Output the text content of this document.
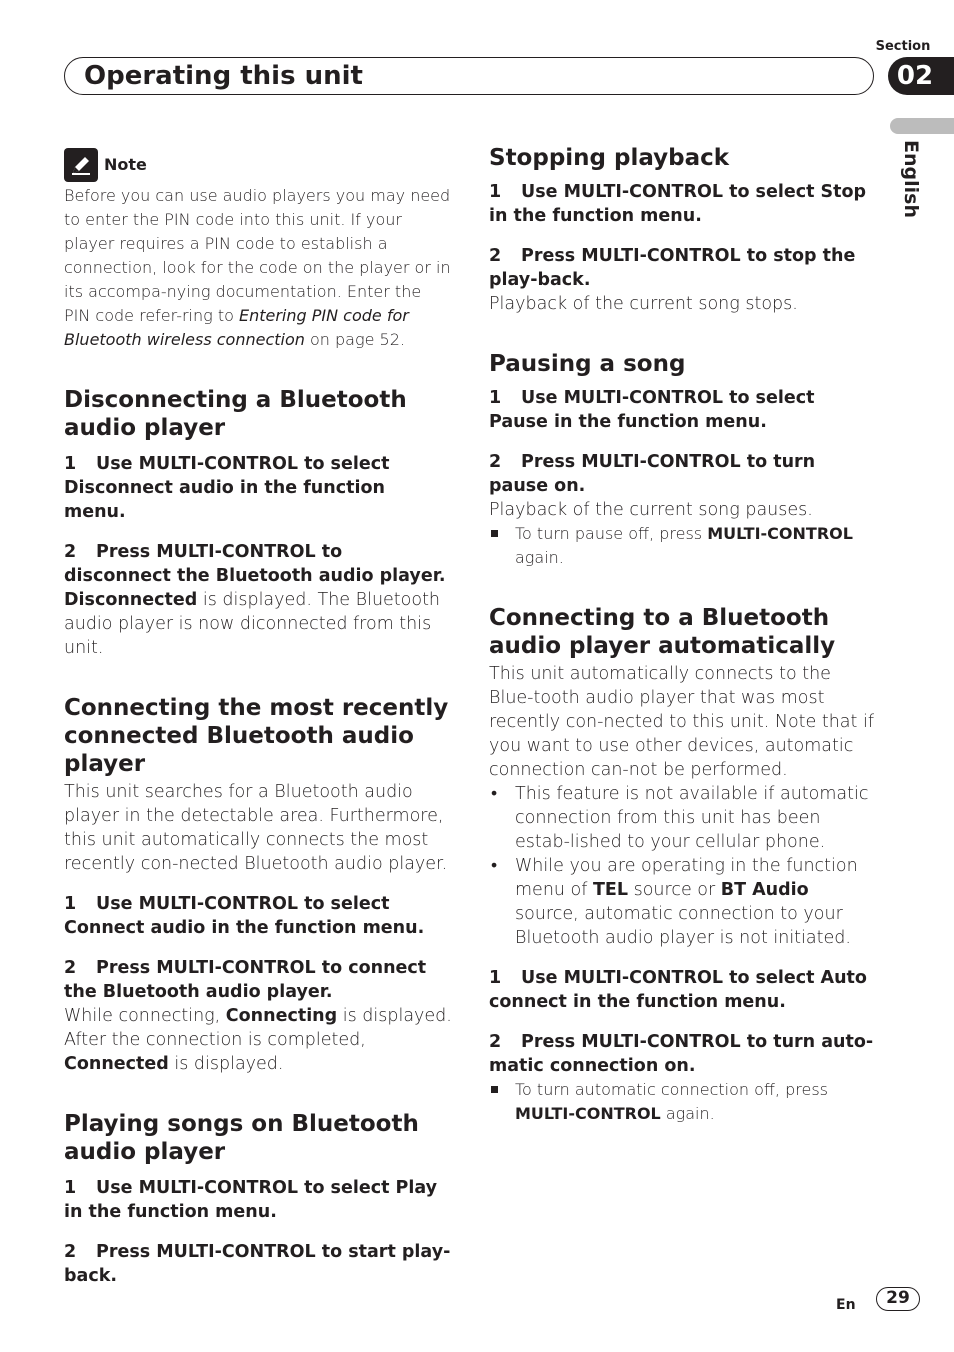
Operating this unit
Section
02
English
Note
Before you can use audio players you may need to enter the PIN code into this unit. If your player requires a PIN code to establish a connection, look for the code on the player or in its accompa-nying documentation. Enter the PIN code refer-ring to Entering PIN code for Bluetooth wireless connection on page 52.
Disconnecting a Bluetooth audio player
1 Use MULTI-CONTROL to select Disconnect audio in the function menu.
2 Press MULTI-CONTROL to disconnect the Bluetooth audio player.
Disconnected is displayed. The Bluetooth audio player is now diconnected from this unit.
Connecting the most recently connected Bluetooth audio player
This unit searches for a Bluetooth audio player in the detectable area. Furthermore, this unit automatically connects the most recently con-nected Bluetooth audio player.
1 Use MULTI-CONTROL to select Connect audio in the function menu.
2 Press MULTI-CONTROL to connect the Bluetooth audio player.
While connecting, Connecting is displayed. After the connection is completed, Connected is displayed.
Playing songs on Bluetooth audio player
1 Use MULTI-CONTROL to select Play in the function menu.
2 Press MULTI-CONTROL to start play-back.
Stopping playback
1 Use MULTI-CONTROL to select Stop in the function menu.
2 Press MULTI-CONTROL to stop the play-back.
Playback of the current song stops.
Pausing a song
1 Use MULTI-CONTROL to select Pause in the function menu.
2 Press MULTI-CONTROL to turn pause on.
Playback of the current song pauses.
To turn pause off, press MULTI-CONTROL again.
Connecting to a Bluetooth audio player automatically
This unit automatically connects to the Blue-tooth audio player that was most recently con-nected to this unit. Note that if you want to use other devices, automatic connection can-not be performed.
• This feature is not available if automatic connection from this unit has been estab-lished to your cellular phone.
• While you are operating in the function menu of TEL source or BT Audio source, automatic connection to your Bluetooth audio player is not initiated.
1 Use MULTI-CONTROL to select Auto connect in the function menu.
2 Press MULTI-CONTROL to turn auto-matic connection on.
To turn automatic connection off, press MULTI-CONTROL again.
En	29
